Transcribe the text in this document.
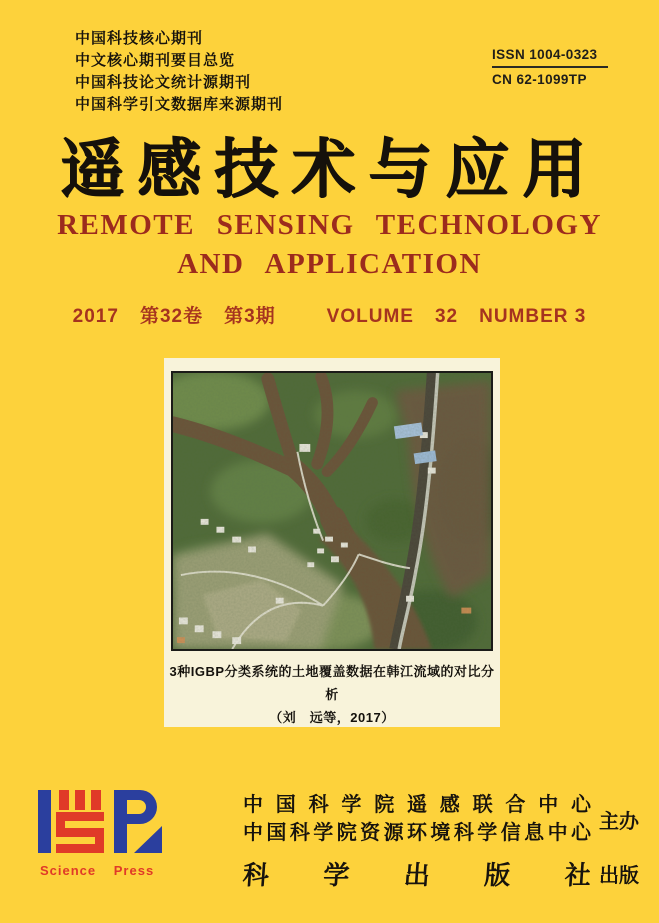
中国科技核心期刊
中文核心期刊要目总览
中国科技论文统计源期刊
中国科学引文数据库来源期刊
ISSN 1004-0323
CN 62-1099TP
遥感技术与应用
REMOTE SENSING TECHNOLOGY
AND APPLICATION
2017 第32卷 第3期	VOLUME 32 NUMBER 3
3种IGBP分类系统的土地覆盖数据在韩江流域的对比分析
（刘　远等，2017）
Science Press
中国科学院遥感联合中心
中国科学院资源环境科学信息中心
主办
科学出版社 出版
